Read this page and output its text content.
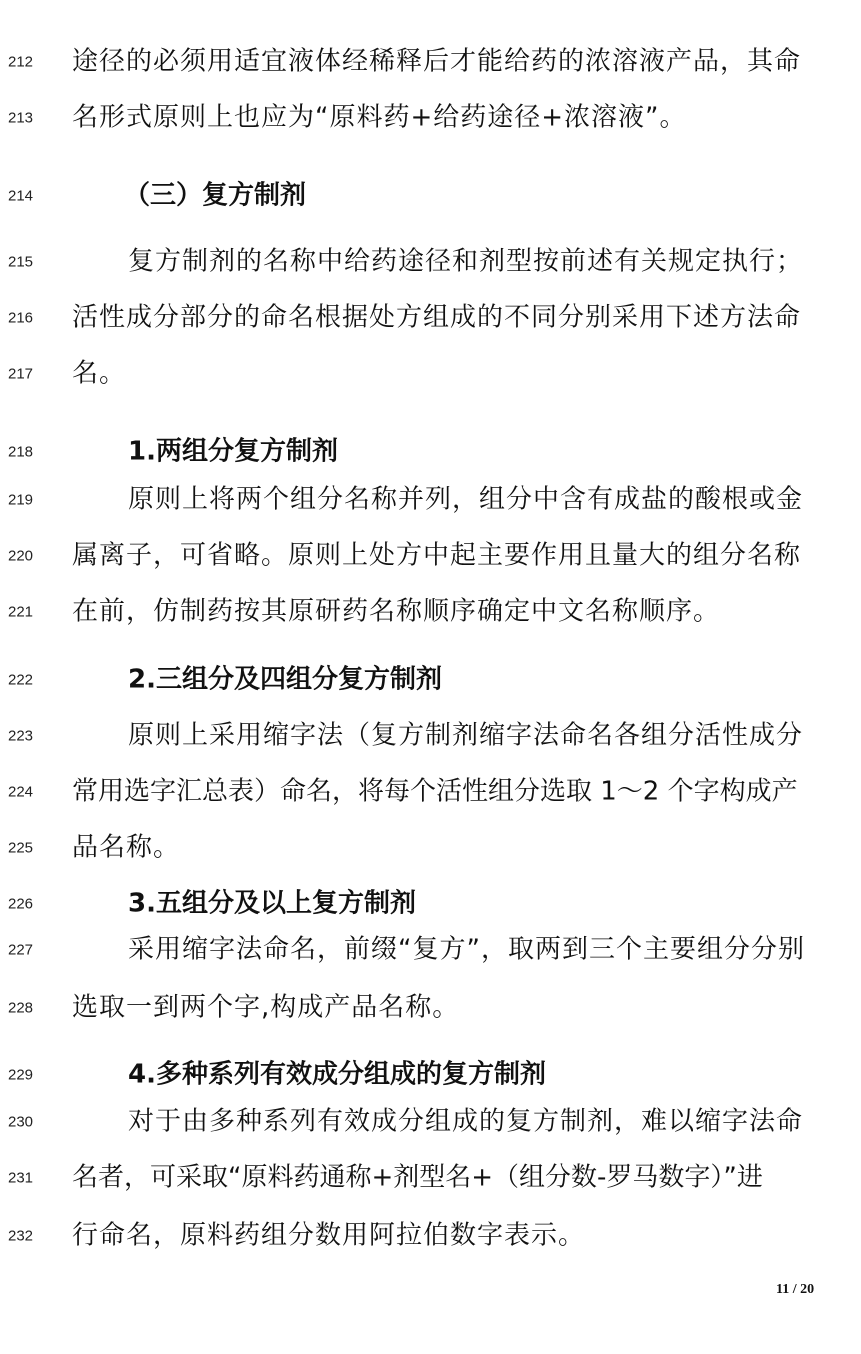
212 途径的必须用适宜液体经稀释后才能给药的浓溶液产品，其命
213 名形式原则上也应为“原料药+给药途径+浓溶液”。
214	（三）复方制剂
215	复方制剂的名称中给药途径和剂型按前述有关规定执行；
216 活性成分部分的命名根据处方组成的不同分别采用下述方法命
217 名。
218	1.两组分复方制剂
219	原则上将两个组分名称并列，组分中含有成盐的酸根或金
220 属离子，可省略。原则上处方中起主要作用且量大的组分名称
221 在前，仿制药按其原研药名称顺序确定中文名称顺序。
222	2.三组分及四组分复方制剂
223	原则上采用缩字法（复方制剂缩字法命名各组分活性成分
224 常用选字汇总表）命名，将每个活性组分选取 1～2 个字构成产
225 品名称。
226	3.五组分及以上复方制剂
227	采用缩字法命名，前缀“复方”，取两到三个主要组分分别
228 选取一到两个字,构成产品名称。
229	4.多种系列有效成分组成的复方制剂
230	对于由多种系列有效成分组成的复方制剂，难以缩字法命
231 名者，可采取“原料药通称+剂型名+（组分数-罗马数字）”进
232 行命名，原料药组分数用阿拉伯数字表示。
11 / 20
